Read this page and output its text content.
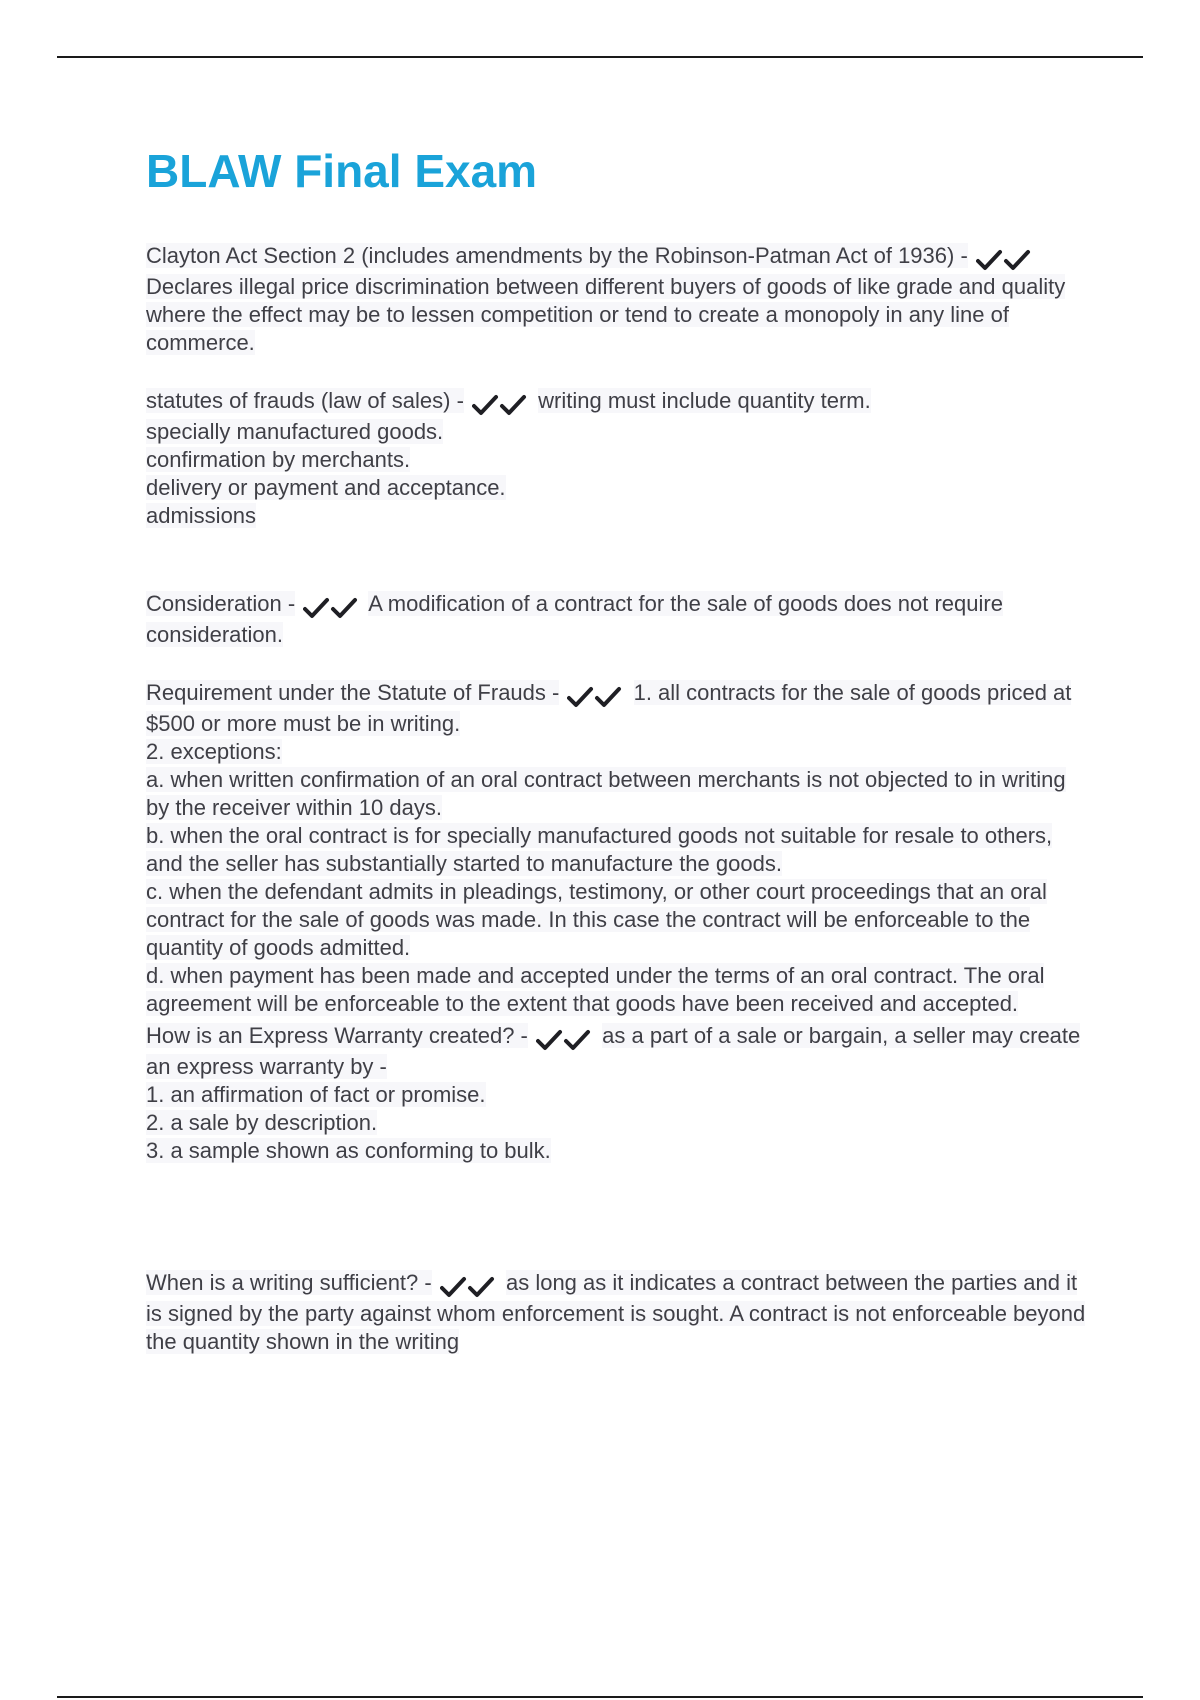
BLAW Final Exam
Clayton Act Section 2 (includes amendments by the Robinson-Patman Act of 1936) -  Declares illegal price discrimination between different buyers of goods of like grade and quality where the effect may be to lessen competition or tend to create a monopoly in any line of commerce.
statutes of frauds (law of sales) -	writing must include quantity term.
specially manufactured goods.
confirmation by merchants.
delivery or payment and acceptance.
admissions
Consideration -	A modification of a contract for the sale of goods does not require consideration.
Requirement under the Statute of Frauds -	1. all contracts for the sale of goods priced at $500 or more must be in writing.
2. exceptions:
a. when written confirmation of an oral contract between merchants is not objected to in writing by the receiver within 10 days.
b. when the oral contract is for specially manufactured goods not suitable for resale to others, and the seller has substantially started to manufacture the goods.
c. when the defendant admits in pleadings, testimony, or other court proceedings that an oral contract for the sale of goods was made. In this case the contract will be enforceable to the quantity of goods admitted.
d. when payment has been made and accepted under the terms of an oral contract. The oral agreement will be enforceable to the extent that goods have been received and accepted.
How is an Express Warranty created? -	as a part of a sale or bargain, a seller may create an express warranty by -
1. an affirmation of fact or promise.
2. a sale by description.
3. a sample shown as conforming to bulk.
When is a writing sufficient? -	as long as it indicates a contract between the parties and it is signed by the party against whom enforcement is sought. A contract is not enforceable beyond the quantity shown in the writing
